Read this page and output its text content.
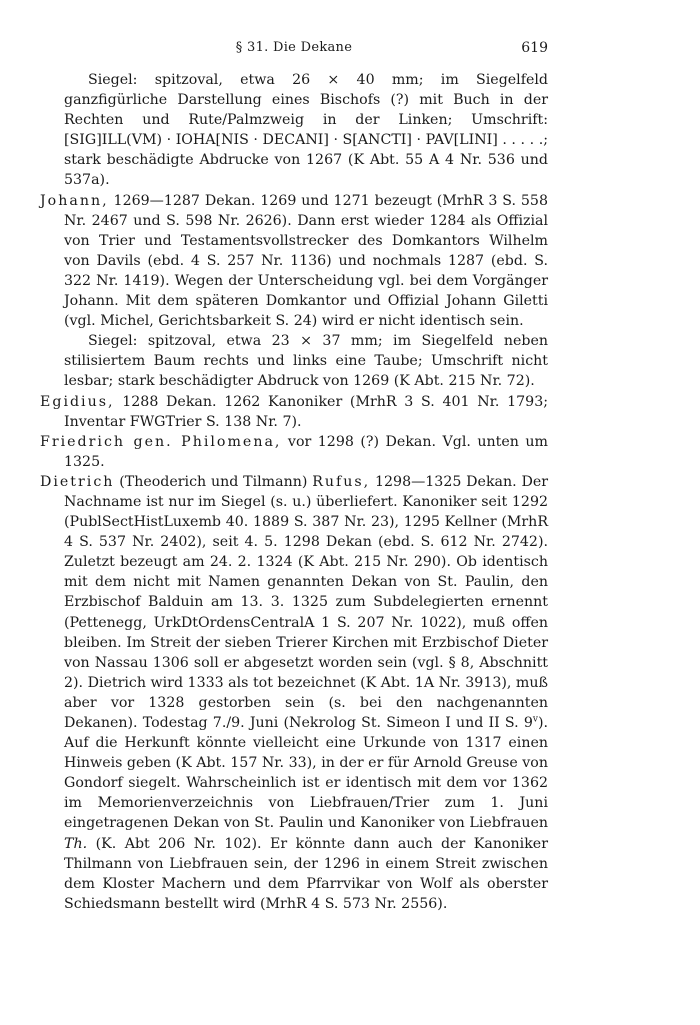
§ 31. Die Dekane	619

Siegel: spitzoval, etwa 26 × 40 mm; im Siegelfeld ganzfigürliche Darstellung eines Bischofs (?) mit Buch in der Rechten und Rute/Palmzweig in der Linken; Umschrift: [SIG]ILL(VM) · IOHA[NIS · DECANI] · S[ANCTI] · PAV[LINI] . . . . .; stark beschädigte Abdrucke von 1267 (K Abt. 55 A 4 Nr. 536 und 537a).

Johann, 1269—1287 Dekan. 1269 und 1271 bezeugt (MrhR 3 S. 558 Nr. 2467 und S. 598 Nr. 2626). Dann erst wieder 1284 als Offizial von Trier und Testamentsvollstrecker des Domkantors Wilhelm von Davils (ebd. 4 S. 257 Nr. 1136) und nochmals 1287 (ebd. S. 322 Nr. 1419). Wegen der Unterscheidung vgl. bei dem Vorgänger Johann. Mit dem späteren Domkantor und Offizial Johann Giletti (vgl. Michel, Gerichtsbarkeit S. 24) wird er nicht identisch sein.

Siegel: spitzoval, etwa 23 × 37 mm; im Siegelfeld neben stilisiertem Baum rechts und links eine Taube; Umschrift nicht lesbar; stark beschädigter Abdruck von 1269 (K Abt. 215 Nr. 72).

Egidius, 1288 Dekan. 1262 Kanoniker (MrhR 3 S. 401 Nr. 1793; Inventar FWGTrier S. 138 Nr. 7).

Friedrich gen. Philomena, vor 1298 (?) Dekan. Vgl. unten um 1325.

Dietrich (Theoderich und Tilmann) Rufus, 1298—1325 Dekan. Der Nachname ist nur im Siegel (s. u.) überliefert. Kanoniker seit 1292 (PublSectHistLuxemb 40. 1889 S. 387 Nr. 23), 1295 Kellner (MrhR 4 S. 537 Nr. 2402), seit 4. 5. 1298 Dekan (ebd. S. 612 Nr. 2742). Zuletzt bezeugt am 24. 2. 1324 (K Abt. 215 Nr. 290). Ob identisch mit dem nicht mit Namen genannten Dekan von St. Paulin, den Erzbischof Balduin am 13. 3. 1325 zum Subdelegierten ernennt (Pettenegg, UrkDtOrdensCentralA 1 S. 207 Nr. 1022), muß offen bleiben. Im Streit der sieben Trierer Kirchen mit Erzbischof Dieter von Nassau 1306 soll er abgesetzt worden sein (vgl. § 8, Abschnitt 2). Dietrich wird 1333 als tot bezeichnet (K Abt. 1A Nr. 3913), muß aber vor 1328 gestorben sein (s. bei den nachgenannten Dekanen). Todestag 7./9. Juni (Nekrolog St. Simeon I und II S. 9$^v$). Auf die Herkunft könnte vielleicht eine Urkunde von 1317 einen Hinweis geben (K Abt. 157 Nr. 33), in der er für Arnold Greuse von Gondorf siegelt. Wahrscheinlich ist er identisch mit dem vor 1362 im Memorienverzeichnis von Liebfrauen/Trier zum 1. Juni eingetragenen Dekan von St. Paulin und Kanoniker von Liebfrauen Th. (K. Abt 206 Nr. 102). Er könnte dann auch der Kanoniker Thilmann von Liebfrauen sein, der 1296 in einem Streit zwischen dem Kloster Machern und dem Pfarrvikar von Wolf als oberster Schiedsmann bestellt wird (MrhR 4 S. 573 Nr. 2556).
